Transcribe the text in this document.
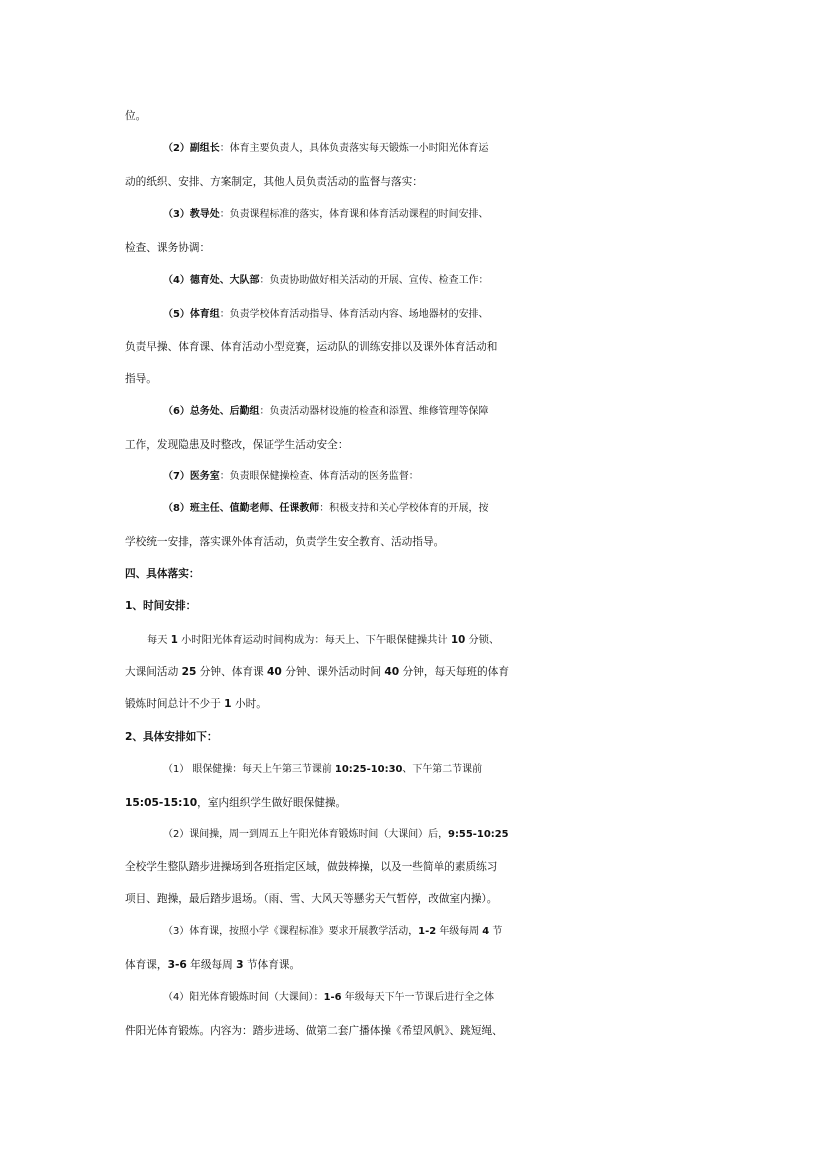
位。
（2）副组长：体育主要负责人，具体负责落实每天锻炼一小时阳光体育运
动的纸织、安排、方案制定，其他人员负责活动的监督与落实：
（3）教导处：负责课程标准的落实，体育课和体育活动课程的时间安排、
检查、课务协调：
（4）德育处、大队部：负责协助做好相关活动的开展、宣传、检查工作：
（5）体育组：负责学校体育活动指导、体育活动内容、场地器材的安排、
负责早操、体育课、体育活动小型竞赛，运动队的训练安排以及课外体育活动和
指导。
（6）总务处、后勤组：负责活动器材设施的检查和添置、维修管理等保障
工作，发现隐患及时整改，保证学生活动安全：
（7）医务室：负责眼保健操检查、体育活动的医务监督：
（8）班主任、值勤老师、任课教师：积极支持和关心学校体育的开展，按
学校统一安排，落实课外体育活动，负责学生安全教育、活动指导。
四、具体落实：
1、时间安排：
每天 1 小时阳光体育运动时间构成为：每天上、下午眼保健操共计 10 分锁、
大课间活动 25 分钟、体育课 40 分钟、课外活动时间 40 分钟，每天每班的体育
锻炼时间总计不少于 1 小时。
2、具体安排如下：
（1） 眼保健操：每天上午第三节课前 10:25-10:30、下午第二节课前
15:05-15:10，室内组织学生做好眼保健操。
（2）课间操，周一到周五上午阳光体育锻炼时间（大课间）后，9:55-10:25
全校学生整队踏步进操场到各班指定区域，做鼓棒操，以及一些简单的素质练习
项目、跑操，最后踏步退场。（雨、雪、大风天等懸劣天气暂停，改做室内操）。
（3）体育课，按照小学《课程标准》要求开展教学活动，1-2 年级每周 4 节
体育课，3-6 年级每周 3 节体育课。
（4）阳光体育锻炼时间（大课间）：1-6 年级每天下午一节课后进行全之体
件阳光体育锻炼。内容为：踏步进场、做第二套广播体操《希望风帆》、跳短绳、
